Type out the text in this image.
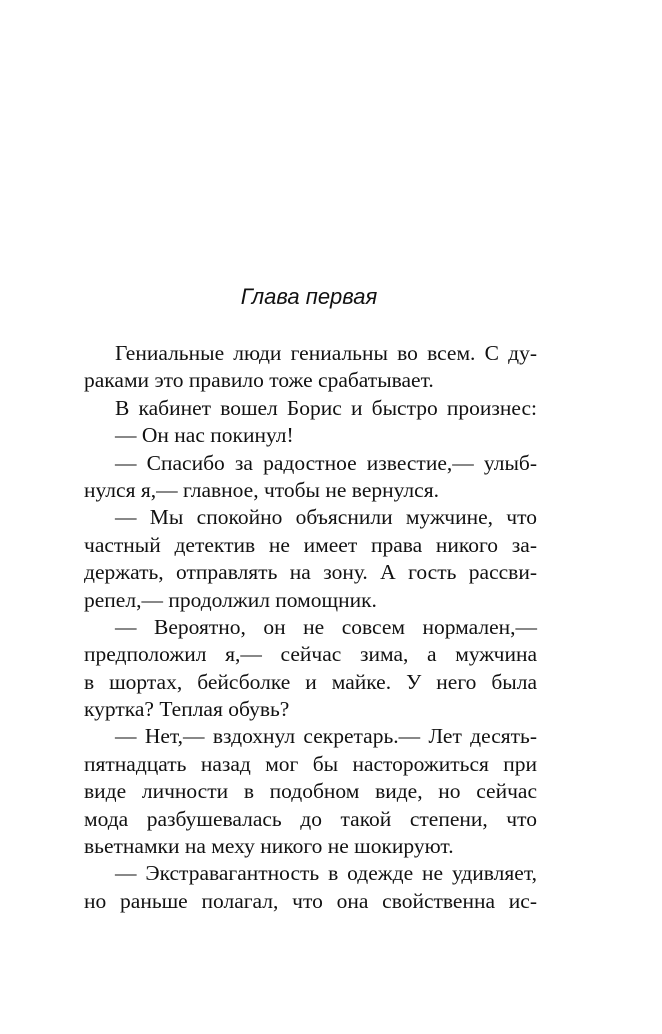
Глава первая
Гениальные люди гениальны во всем. С ду-
раками это правило тоже срабатывает.
В кабинет вошел Борис и быстро произнес:
— Он нас покинул!
— Спасибо за радостное известие,— улыб-
нулся я,— главное, чтобы не вернулся.
— Мы спокойно объяснили мужчине, что
частный детектив не имеет права никого за-
держать, отправлять на зону. А гость рассви-
репел,— продолжил помощник.
— Вероятно, он не совсем нормален,—
предположил я,— сейчас зима, а мужчина
в шортах, бейсболке и майке. У него была
куртка? Теплая обувь?
— Нет,— вздохнул секретарь.— Лет десять-
пятнадцать назад мог бы насторожиться при
виде личности в подобном виде, но сейчас
мода разбушевалась до такой степени, что
вьетнамки на меху никого не шокируют.
— Экстравагантность в одежде не удивляет,
но раньше полагал, что она свойственна ис-
